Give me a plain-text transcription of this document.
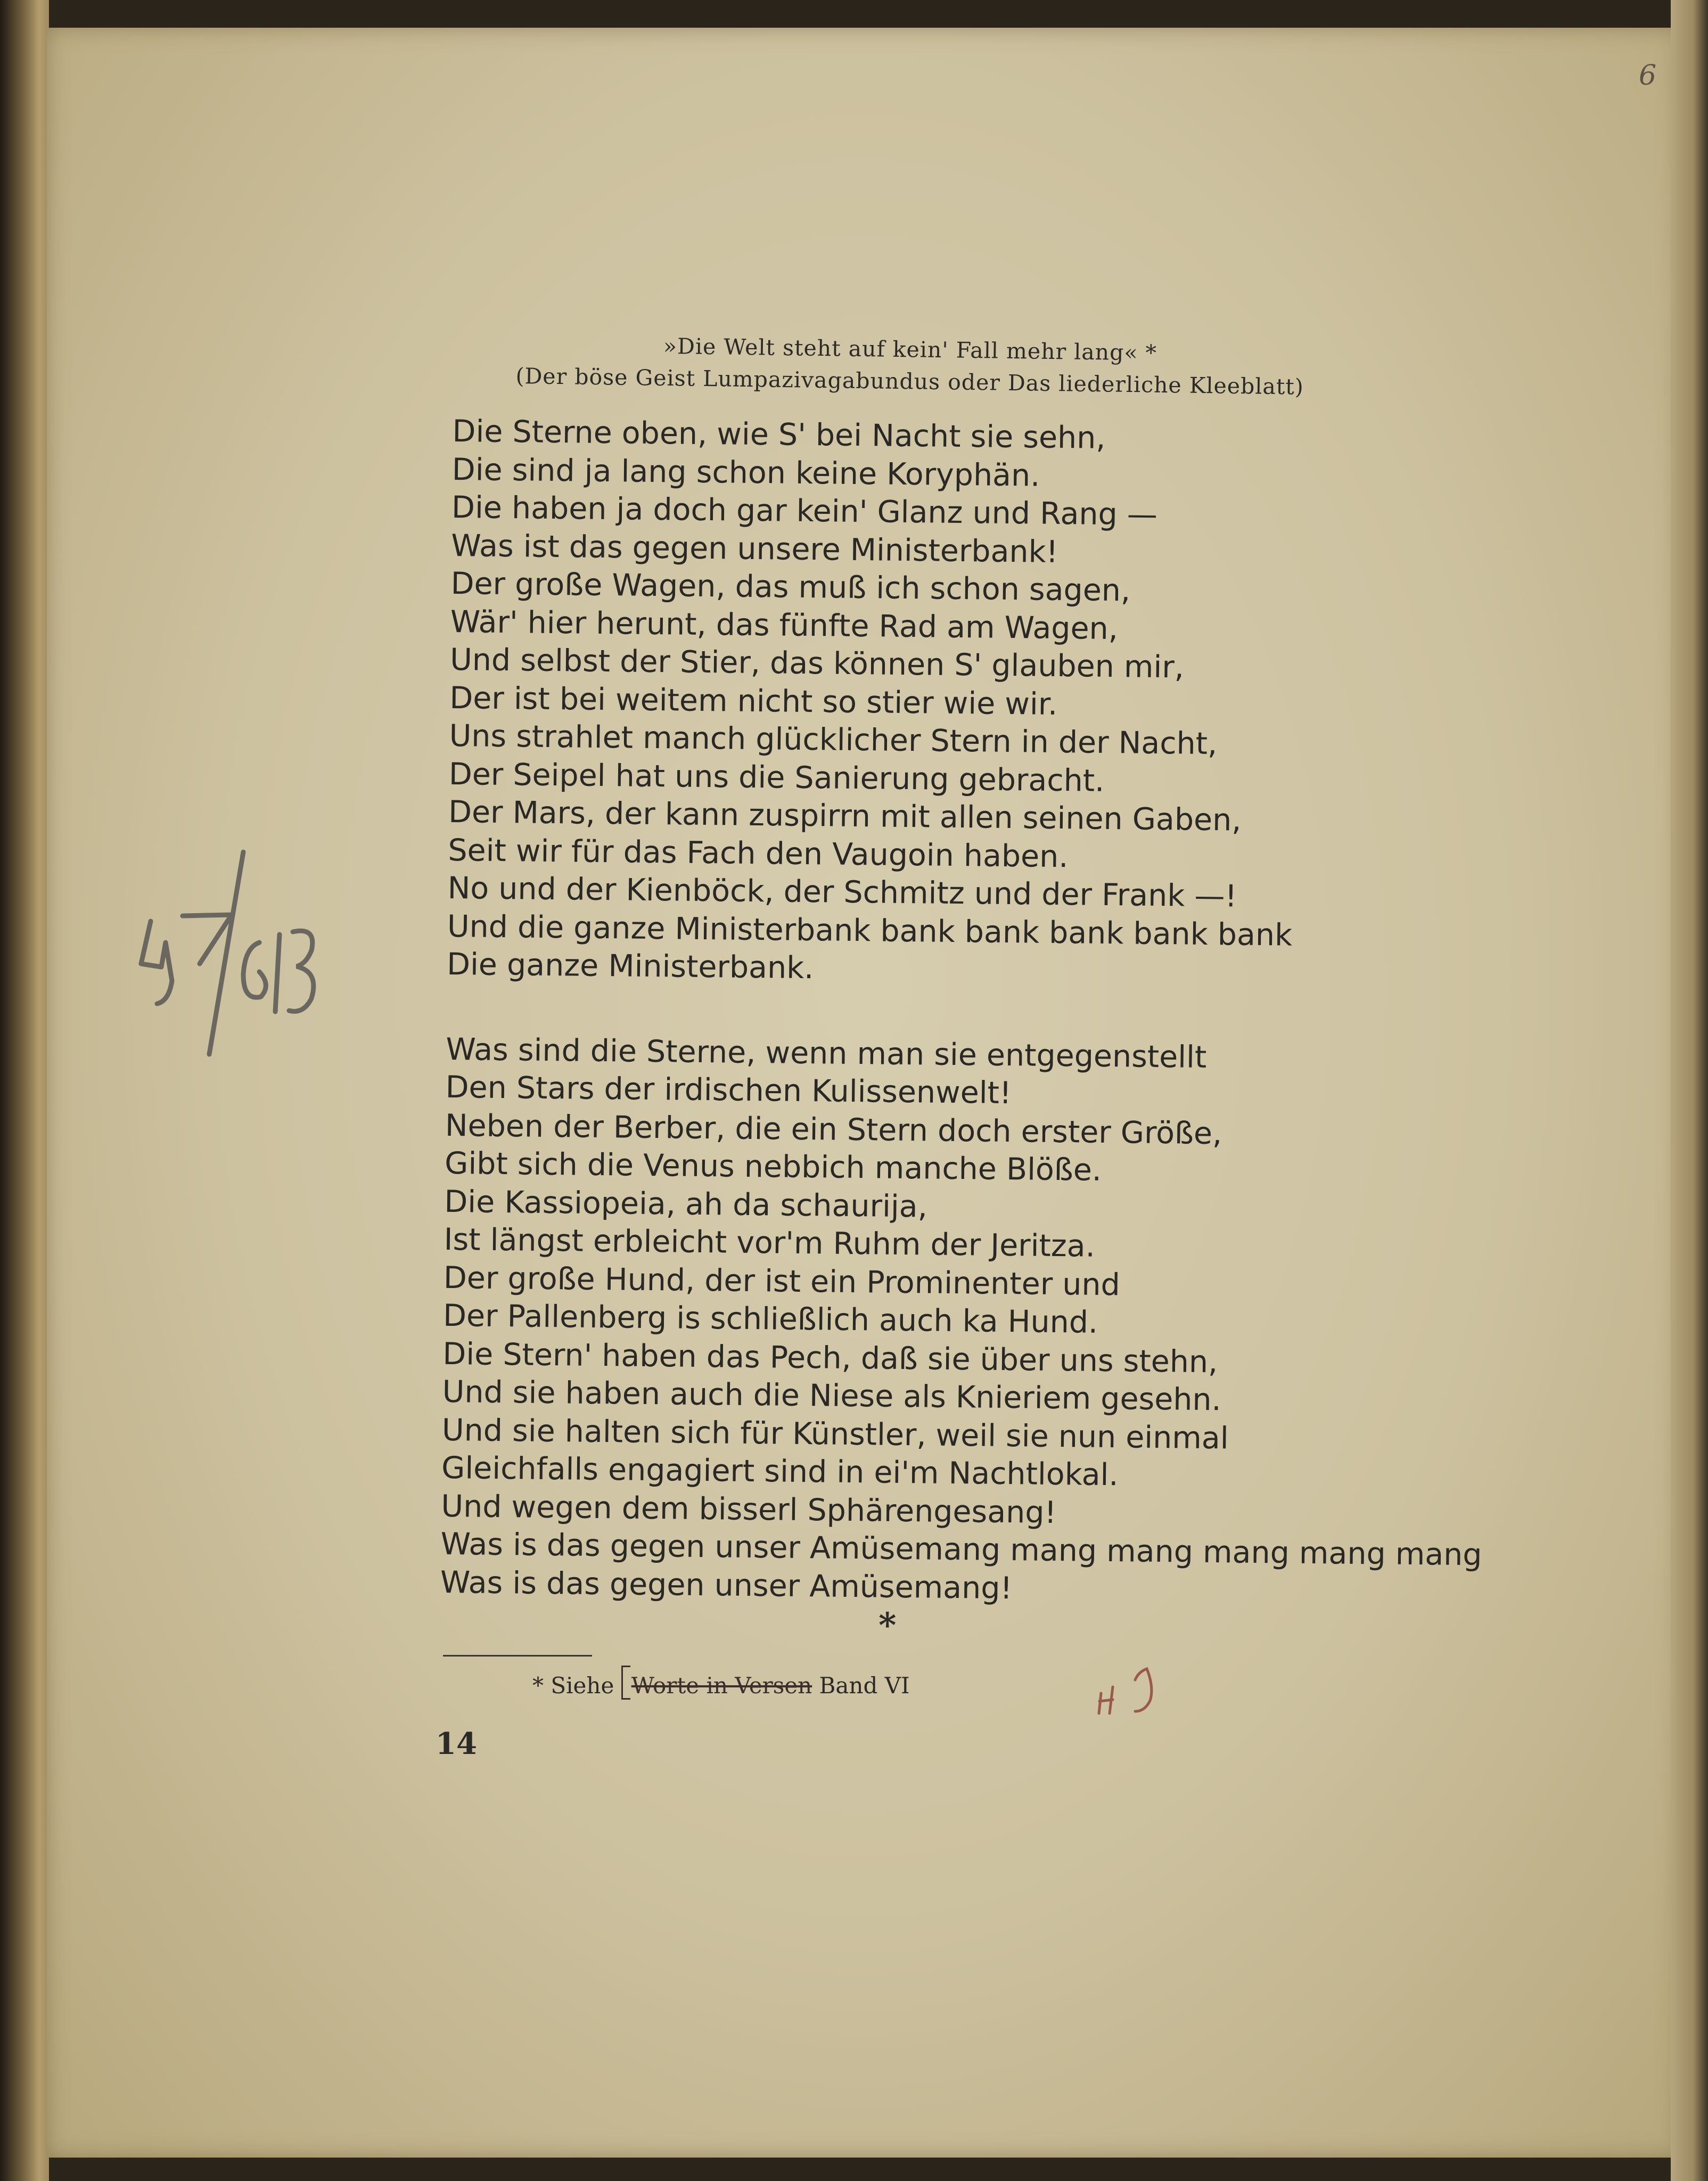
6
»Die Welt steht auf kein' Fall mehr lang« *
(Der böse Geist Lumpazivagabundus oder Das liederliche Kleeblatt)
Die Sterne oben, wie S' bei Nacht sie sehn,
Die sind ja lang schon keine Koryphän.
Die haben ja doch gar kein' Glanz und Rang —
Was ist das gegen unsere Ministerbank!
Der große Wagen, das muß ich schon sagen,
Wär' hier herunt, das fünfte Rad am Wagen,
Und selbst der Stier, das können S' glauben mir,
Der ist bei weitem nicht so stier wie wir.
Uns strahlet manch glücklicher Stern in der Nacht,
Der Seipel hat uns die Sanierung gebracht.
Der Mars, der kann zuspirrn mit allen seinen Gaben,
Seit wir für das Fach den Vaugoin haben.
No und der Kienböck, der Schmitz und der Frank —!
Und die ganze Ministerbank bank bank bank bank bank
Die ganze Ministerbank.
Was sind die Sterne, wenn man sie entgegenstellt
Den Stars der irdischen Kulissenwelt!
Neben der Berber, die ein Stern doch erster Größe,
Gibt sich die Venus nebbich manche Blöße.
Die Kassiopeia, ah da schaurija,
Ist längst erbleicht vor'm Ruhm der Jeritza.
Der große Hund, der ist ein Prominenter und
Der Pallenberg is schließlich auch ka Hund.
Die Stern' haben das Pech, daß sie über uns stehn,
Und sie haben auch die Niese als Knieriem gesehn.
Und sie halten sich für Künstler, weil sie nun einmal
Gleichfalls engagiert sind in ei'm Nachtlokal.
Und wegen dem bisserl Sphärengesang!
Was is das gegen unser Amüsemang mang mang mang mang mang
Was is das gegen unser Amüsemang!
*
* Siehe Worte in Versen Band VI
14
